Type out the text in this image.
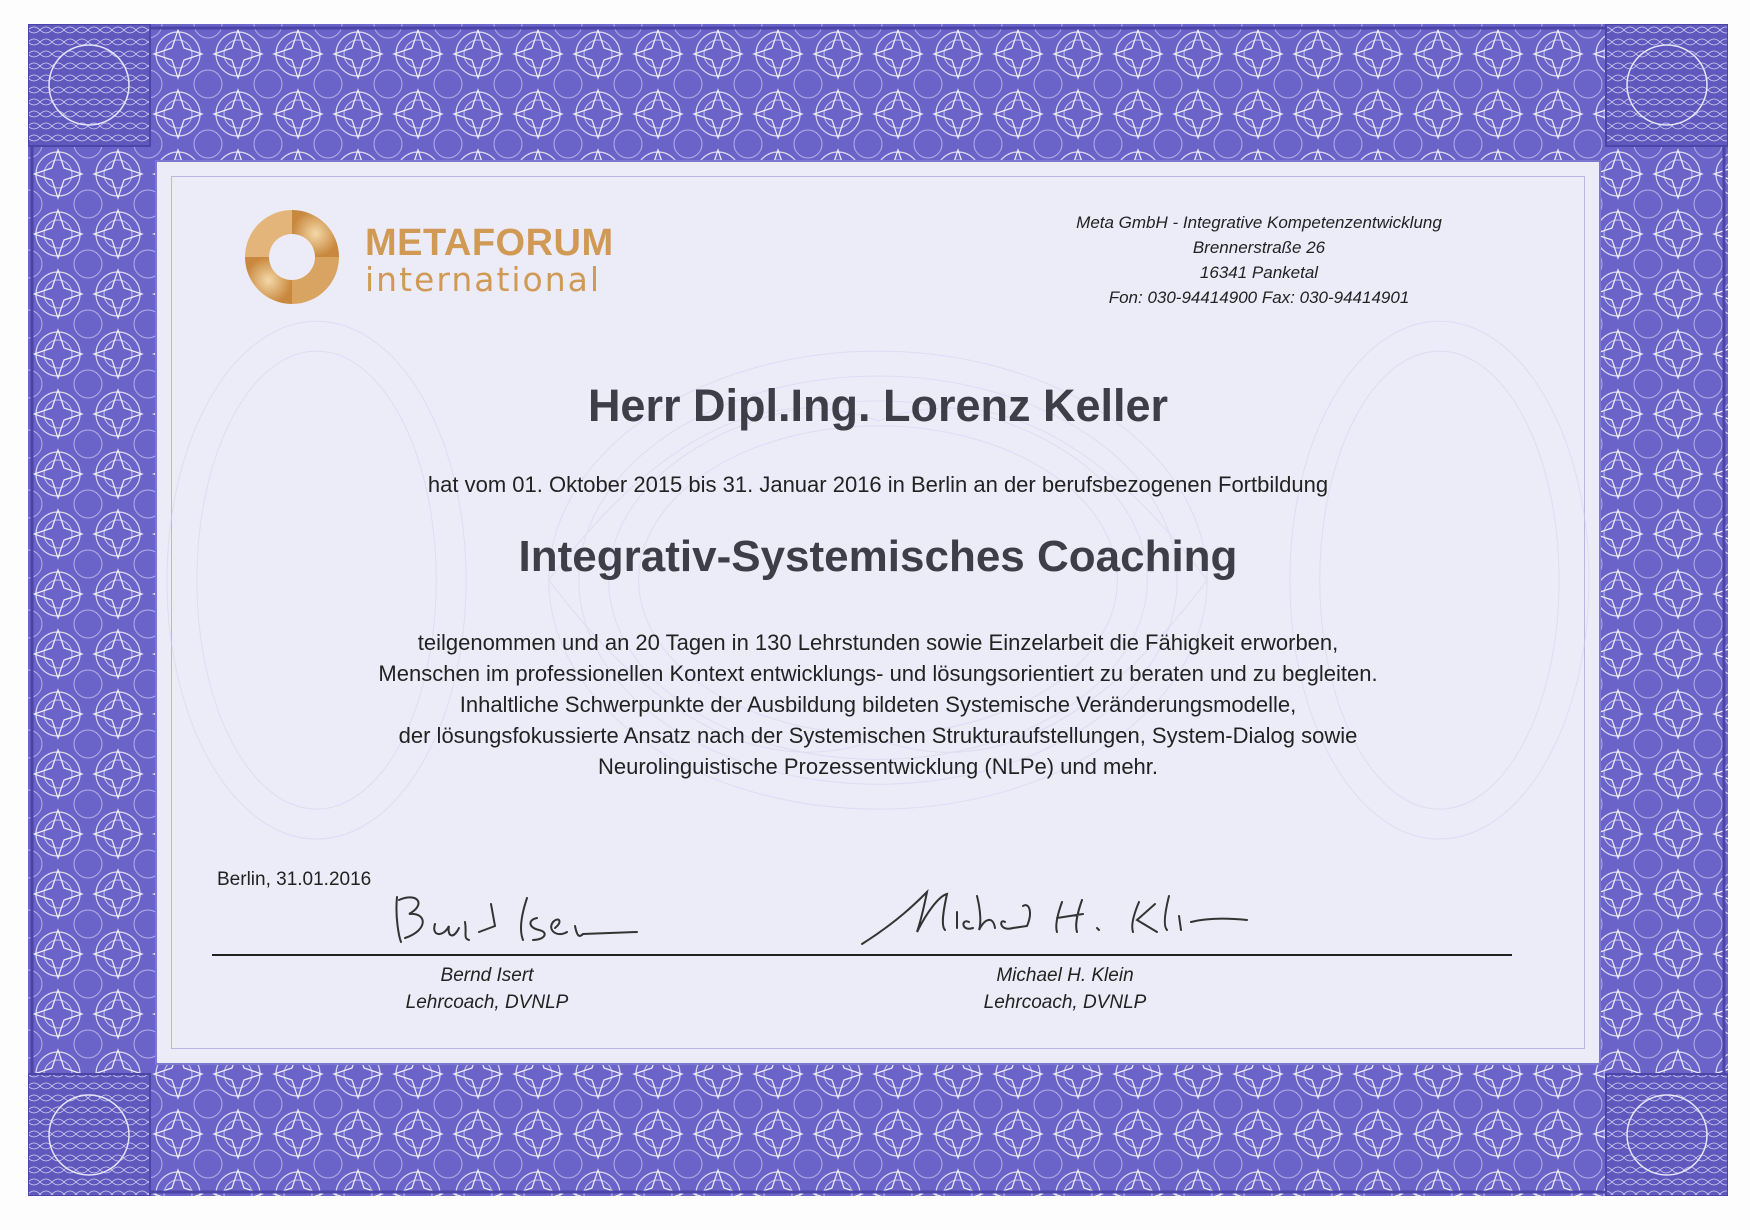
METAFORUM
international
Meta GmbH - Integrative Kompetenzentwicklung
Brennerstraße 26
16341 Panketal
Fon: 030-94414900 Fax: 030-94414901
Herr Dipl.Ing. Lorenz Keller
hat vom 01. Oktober 2015 bis 31. Januar 2016 in Berlin an der berufsbezogenen Fortbildung
Integrativ-Systemisches Coaching
teilgenommen und an 20 Tagen in 130 Lehrstunden sowie Einzelarbeit die Fähigkeit erworben,
Menschen im professionellen Kontext entwicklungs- und lösungsorientiert zu beraten und zu begleiten.
Inhaltliche Schwerpunkte der Ausbildung bildeten Systemische Veränderungsmodelle,
der lösungsfokussierte Ansatz nach der Systemischen Strukturaufstellungen, System-Dialog sowie
Neurolinguistische Prozessentwicklung (NLPe) und mehr.
Berlin, 31.01.2016
Bernd Isert
Lehrcoach, DVNLP
Michael H. Klein
Lehrcoach, DVNLP
